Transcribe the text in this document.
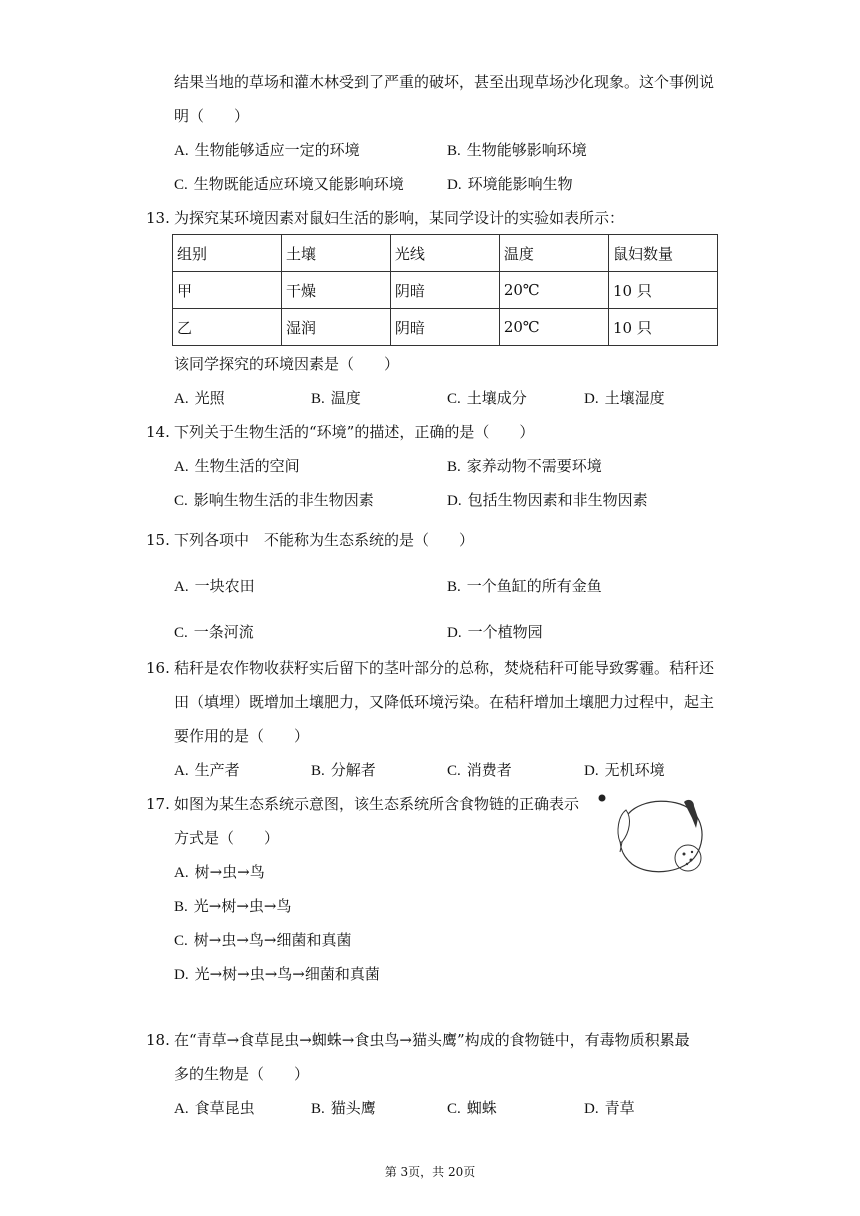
结果当地的草场和灌木林受到了严重的破坏，甚至出现草场沙化现象。这个事例说
明（　　）
A. 生物能够适应一定的环境	B. 生物能够影响环境
C. 生物既能适应环境又能影响环境	D. 环境能影响生物
13. 为探究某环境因素对鼠妇生活的影响，某同学设计的实验如表所示：
组别	土壤	光线	温度	鼠妇数量
甲	干燥	阴暗	20℃	10 只
乙	湿润	阴暗	20℃	10 只
该同学探究的环境因素是（　　）
A. 光照	B. 温度	C. 土壤成分	D. 土壤湿度
14. 下列关于生物生活的“环境”的描述，正确的是（　　）
A. 生物生活的空间	B. 家养动物不需要环境
C. 影响生物生活的非生物因素	D. 包括生物因素和非生物因素
15. 下列各项中　不能称为生态系统的是（　　）
A. 一块农田	B. 一个鱼缸的所有金鱼
C. 一条河流	D. 一个植物园
16. 秸秆是农作物收获籽实后留下的茎叶部分的总称，焚烧秸秆可能导致雾霾。秸秆还
田（填埋）既增加土壤肥力，又降低环境污染。在秸秆增加土壤肥力过程中，起主
要作用的是（　　）
A. 生产者	B. 分解者	C. 消费者	D. 无机环境
17. 如图为某生态系统示意图，该生态系统所含食物链的正确表示
方式是（　　）
A. 树→虫→鸟
B. 光→树→虫→鸟
C. 树→虫→鸟→细菌和真菌
D. 光→树→虫→鸟→细菌和真菌
18. 在“青草→食草昆虫→蜘蛛→食虫鸟→猫头鹰”构成的食物链中，有毒物质积累最
多的生物是（　　）
A. 食草昆虫	B. 猫头鹰	C. 蜘蛛	D. 青草
第 3页，共 20页
